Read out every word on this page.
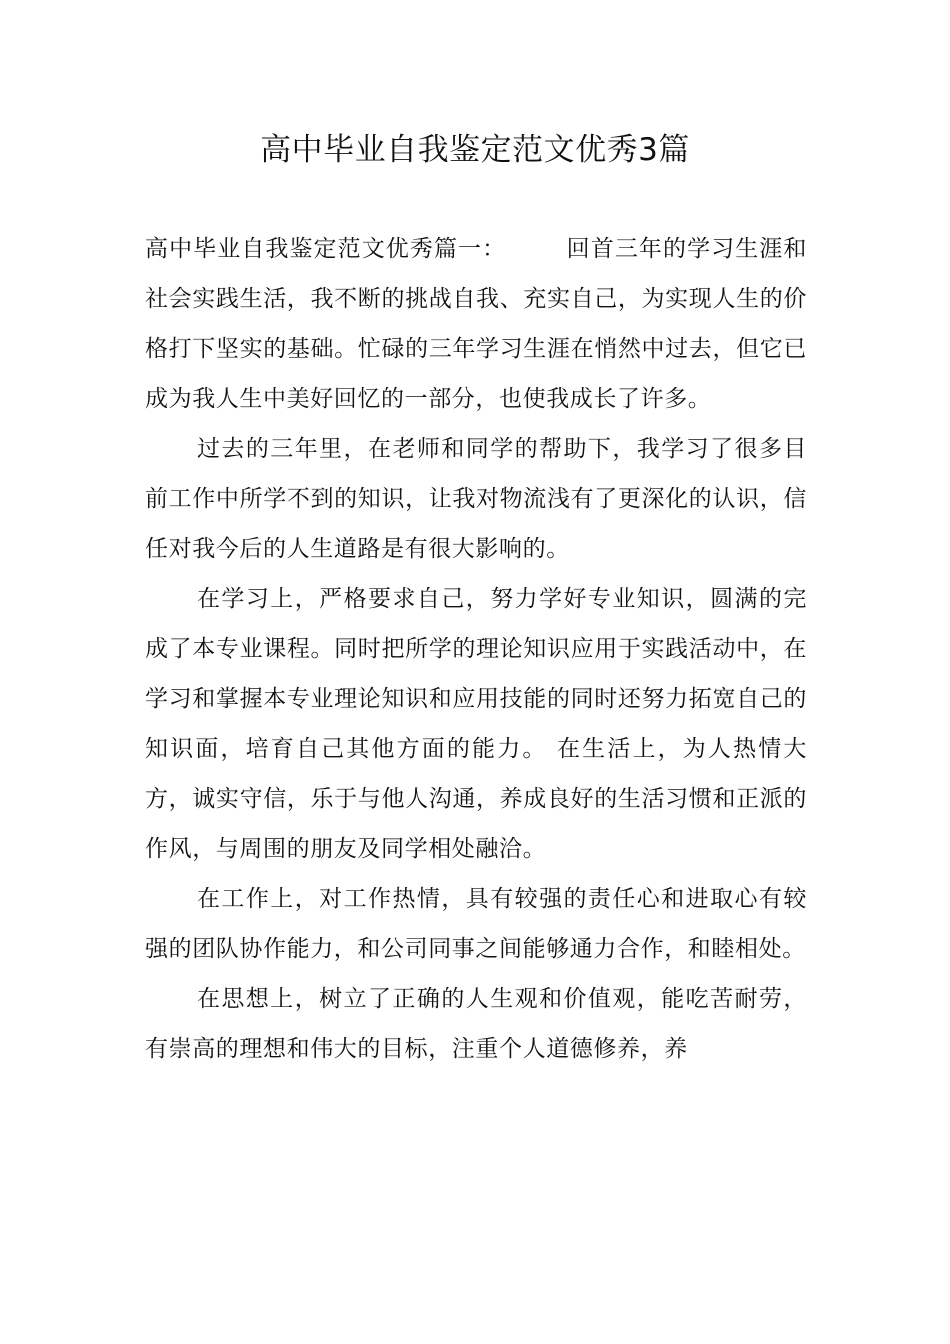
高中毕业自我鉴定范文优秀3篇

高中毕业自我鉴定范文优秀篇一：	回首三年的学习生涯和社会实践生活，我不断的挑战自我、充实自己，为实现人生的价格打下坚实的基础。忙碌的三年学习生涯在悄然中过去，但它已成为我人生中美好回忆的一部分，也使我成长了许多。

过去的三年里，在老师和同学的帮助下，我学习了很多目前工作中所学不到的知识，让我对物流浅有了更深化的认识，信任对我今后的人生道路是有很大影响的。

在学习上，严格要求自己，努力学好专业知识，圆满的完成了本专业课程。同时把所学的理论知识应用于实践活动中，在学习和掌握本专业理论知识和应用技能的同时还努力拓宽自己的知识面，培育自己其他方面的能力。 在生活上，为人热情大方，诚实守信，乐于与他人沟通，养成良好的生活习惯和正派的作风，与周围的朋友及同学相处融洽。

在工作上，对工作热情，具有较强的责任心和进取心有较强的团队协作能力，和公司同事之间能够通力合作，和睦相处。

在思想上，树立了正确的人生观和价值观，能吃苦耐劳，有崇高的理想和伟大的目标，注重个人道德修养，养
